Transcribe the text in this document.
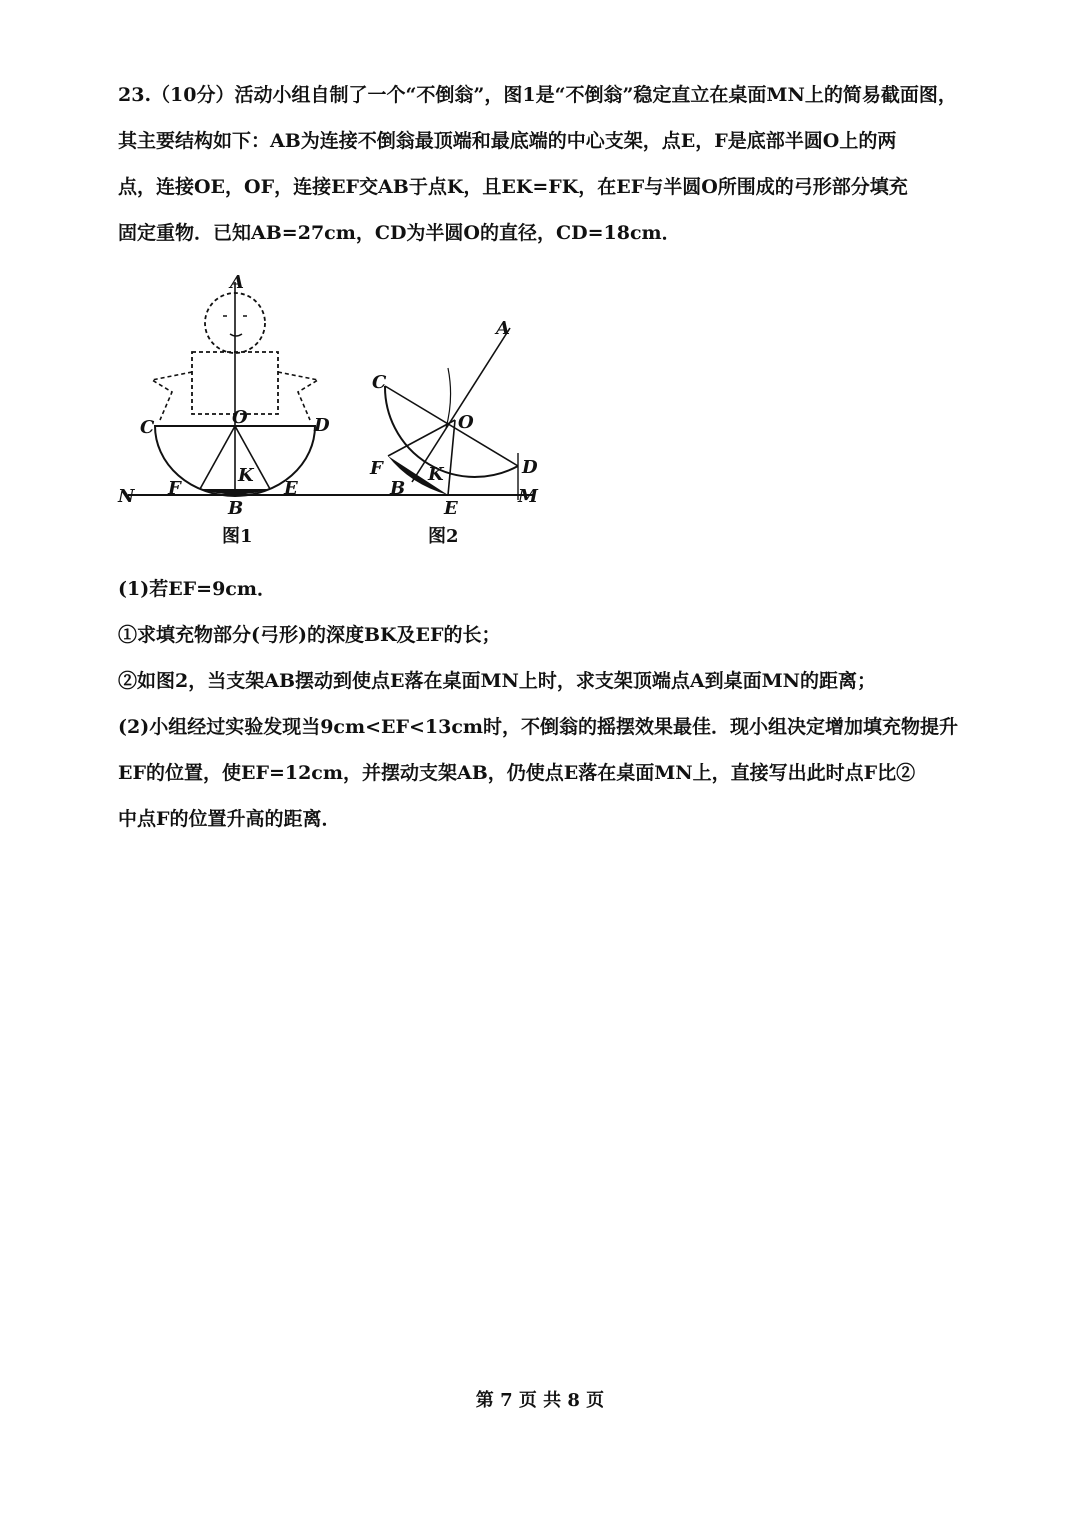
23.（10分）活动小组自制了一个“不倒翁”，图1是“不倒翁”稳定直立在桌面MN上的简易截面图，
其主要结构如下：AB为连接不倒翁最顶端和最底端的中心支架，点E，F是底部半圆O上的两
点，连接OE，OF，连接EF交AB于点K，且EK=FK，在EF与半圆O所围成的弓形部分填充
固定重物．已知AB=27cm，CD为半圆O的直径，CD=18cm．
A
O
C	D
K
F	E
B
N
图1
A
C
O
D
F	K
B
E
M
图2

(1)若EF=9cm．

①求填充物部分(弓形)的深度BK及EF的长；

②如图2，当支架AB摆动到使点E落在桌面MN上时，求支架顶端点A到桌面MN的距离；

(2)小组经过实验发现当9cm<EF<13cm时，不倒翁的摇摆效果最佳．现小组决定增加填充物提升

EF的位置，使EF=12cm，并摆动支架AB，仍使点E落在桌面MN上，直接写出此时点F比②

中点F的位置升高的距离．

第 7 页 共 8 页
